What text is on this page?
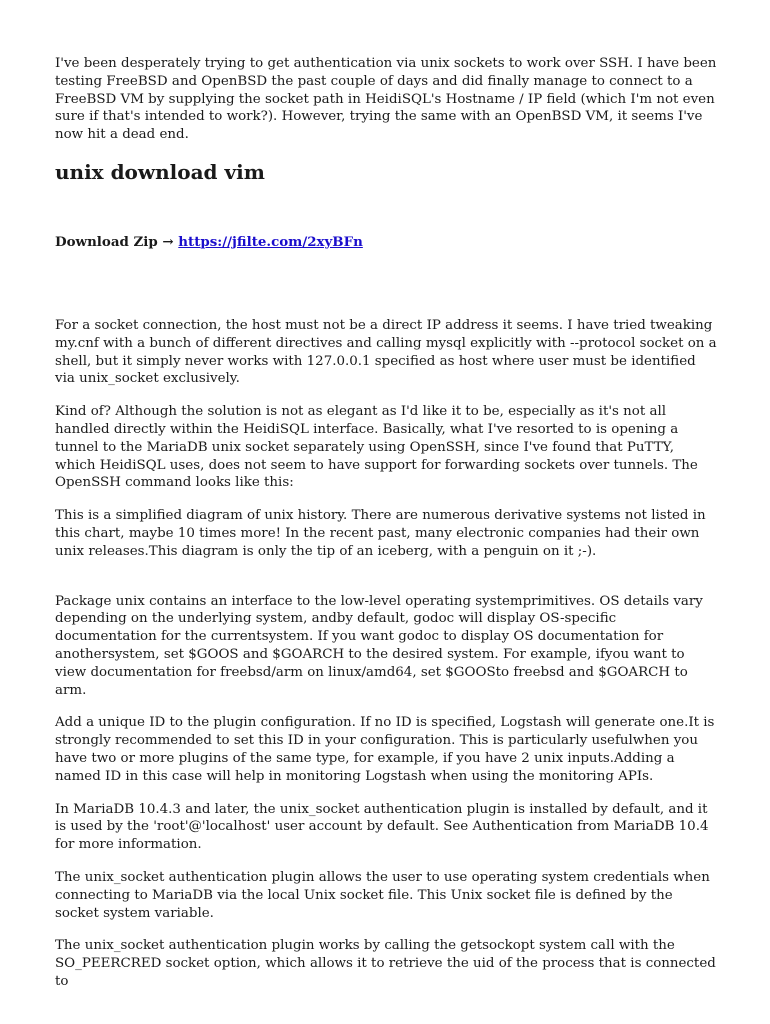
I've been desperately trying to get authentication via unix sockets to work over SSH. I have been testing FreeBSD and OpenBSD the past couple of days and did finally manage to connect to a FreeBSD VM by supplying the socket path in HeidiSQL's Hostname / IP field (which I'm not even sure if that's intended to work?). However, trying the same with an OpenBSD VM, it seems I've now hit a dead end.

unix download vim
Download Zip → https://jfilte.com/2xyBFn

For a socket connection, the host must not be a direct IP address it seems. I have tried tweaking my.cnf with a bunch of different directives and calling mysql explicitly with --protocol socket on a shell, but it simply never works with 127.0.0.1 specified as host where user must be identified via unix_socket exclusively.

Kind of? Although the solution is not as elegant as I'd like it to be, especially as it's not all handled directly within the HeidiSQL interface. Basically, what I've resorted to is opening a tunnel to the MariaDB unix socket separately using OpenSSH, since I've found that PuTTY, which HeidiSQL uses, does not seem to have support for forwarding sockets over tunnels. The OpenSSH command looks like this:

This is a simplified diagram of unix history. There are numerous derivative systems not listed in this chart, maybe 10 times more! In the recent past, many electronic companies had their own unix releases.This diagram is only the tip of an iceberg, with a penguin on it ;-).

Package unix contains an interface to the low-level operating systemprimitives. OS details vary depending on the underlying system, andby default, godoc will display OS-specific documentation for the currentsystem. If you want godoc to display OS documentation for anothersystem, set $GOOS and $GOARCH to the desired system. For example, ifyou want to view documentation for freebsd/arm on linux/amd64, set $GOOSto freebsd and $GOARCH to arm.

Add a unique ID to the plugin configuration. If no ID is specified, Logstash will generate one.It is strongly recommended to set this ID in your configuration. This is particularly usefulwhen you have two or more plugins of the same type, for example, if you have 2 unix inputs.Adding a named ID in this case will help in monitoring Logstash when using the monitoring APIs.

In MariaDB 10.4.3 and later, the unix_socket authentication plugin is installed by default, and it is used by the 'root'@'localhost' user account by default. See Authentication from MariaDB 10.4 for more information.

The unix_socket authentication plugin allows the user to use operating system credentials when connecting to MariaDB via the local Unix socket file. This Unix socket file is defined by the socket system variable.

The unix_socket authentication plugin works by calling the getsockopt system call with the SO_PEERCRED socket option, which allows it to retrieve the uid of the process that is connected to
